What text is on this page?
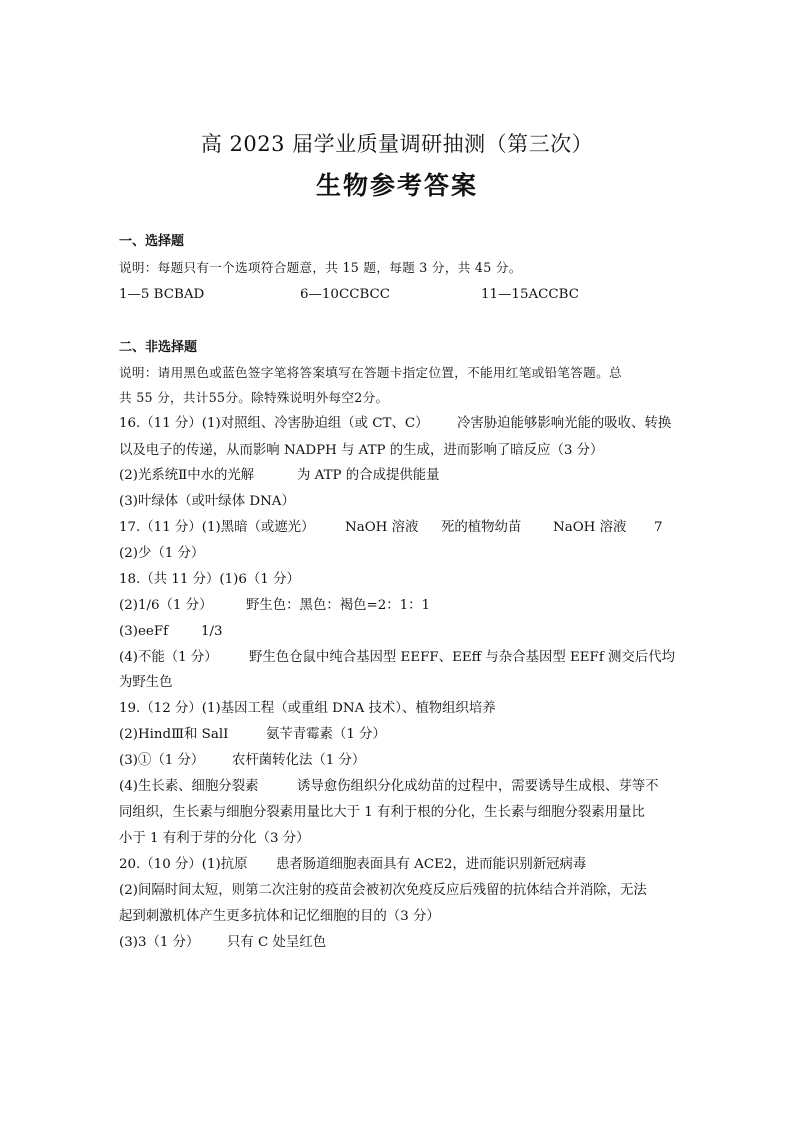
高 2023 届学业质量调研抽测（第三次）
生物参考答案
一、选择题
说明：每题只有一个选项符合题意，共 15 题，每题 3 分，共 45 分。
1—5 BCBAD	6—10CCBCC	11—15ACCBC
二、非选择题
说明：请用黑色或蓝色签字笔将答案填写在答题卡指定位置，不能用红笔或铅笔答题。总
共 55 分，共计55分。除特殊说明外每空2分。
16.（11 分）(1)对照组、冷害胁迫组（或 CT、C） 冷害胁迫能够影响光能的吸收、转换
以及电子的传递，从而影响 NADPH 与 ATP 的生成，进而影响了暗反应（3 分）
(2)光系统Ⅱ中水的光解	为 ATP 的合成提供能量
(3)叶绿体（或叶绿体 DNA）
17.（11 分）(1)黑暗（或遮光） NaOH 溶液 死的植物幼苗 NaOH 溶液 7
(2)少（1 分）
18.（共 11 分）(1)6（1 分）
(2)1/6（1 分）	野生色：黑色：褐色=2：1：1
(3)eeFf 1/3
(4)不能（1 分） 野生色仓鼠中纯合基因型 EEFF、EEff 与杂合基因型 EEFf 测交后代均
为野生色
19.（12 分）(1)基因工程（或重组 DNA 技术）、植物组织培养
(2)HindⅢ和 SalⅠ	氨苄青霉素（1 分）
(3)①（1 分） 农杆菌转化法（1 分）
(4)生长素、细胞分裂素	诱导愈伤组织分化成幼苗的过程中，需要诱导生成根、芽等不
同组织，生长素与细胞分裂素用量比大于 1 有利于根的分化，生长素与细胞分裂素用量比
小于 1 有利于芽的分化（3 分）
20.（10 分）(1)抗原 患者肠道细胞表面具有 ACE2，进而能识别新冠病毒
(2)间隔时间太短，则第二次注射的疫苗会被初次免疫反应后残留的抗体结合并消除，无法
起到刺激机体产生更多抗体和记忆细胞的目的（3 分）
(3)3（1 分） 只有 C 处呈红色
